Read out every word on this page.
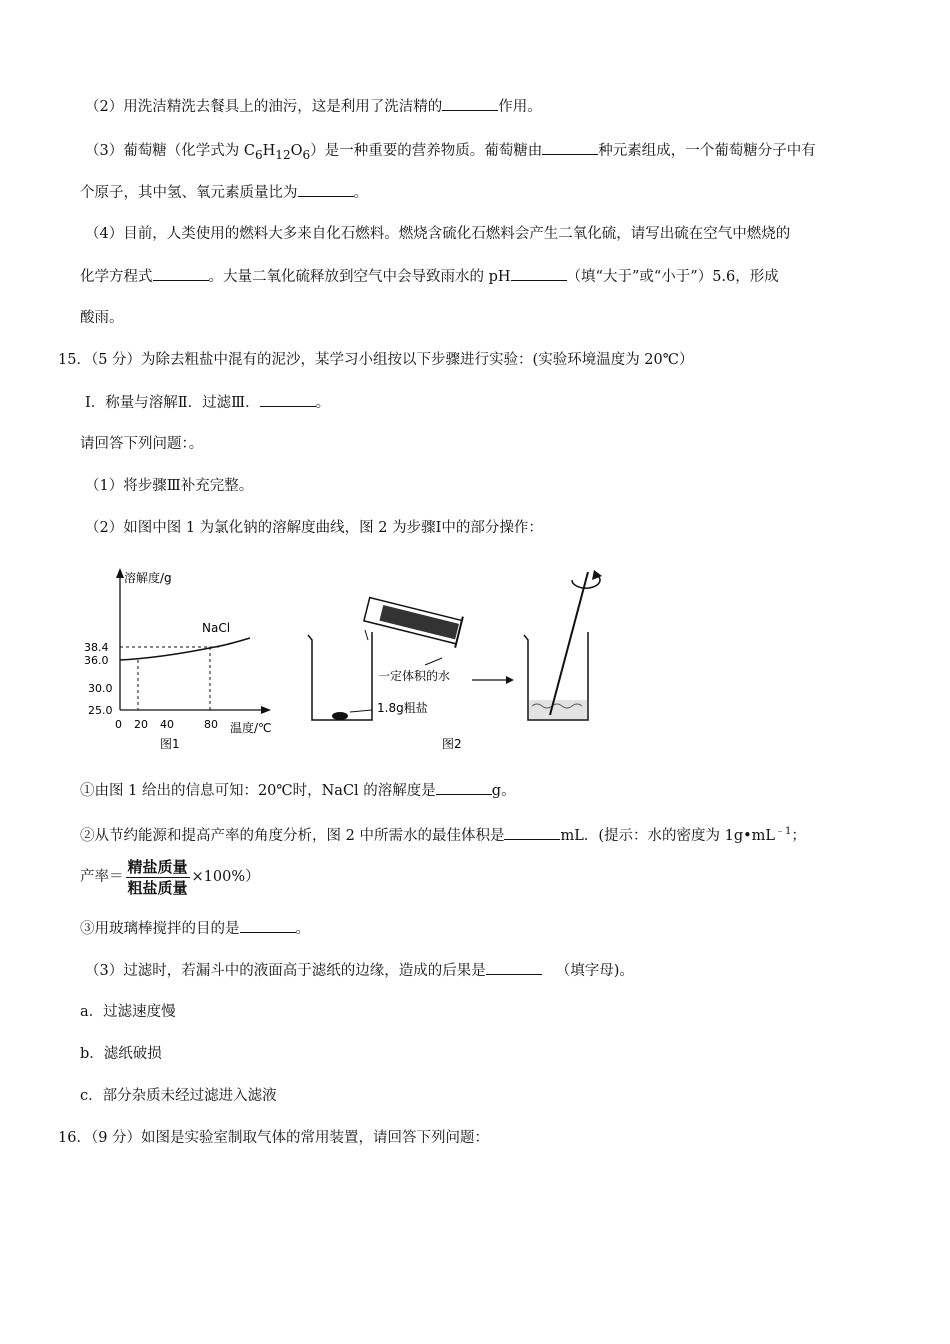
（2）用洗洁精洗去餐具上的油污，这是利用了洗洁精的	作用。
（3）葡萄糖（化学式为 $C_6H_{12}O_6$）是一种重要的营养物质。葡萄糖由	种元素组成，一个葡萄糖分子中有
个原子，其中氢、氧元素质量比为	。
（4）目前，人类使用的燃料大多来自化石燃料。燃烧含硫化石燃料会产生二氧化硫，请写出硫在空气中燃烧的
化学方程式	。大量二氧化硫释放到空气中会导致雨水的 pH	（填“大于”或“小于”）5.6，形成
酸雨。
15．（5 分）为除去粗盐中混有的泥沙，某学习小组按以下步骤进行实验：(实验环境温度为 20℃）
Ⅰ．称量与溶解Ⅱ．过滤Ⅲ．	。
请回答下列问题：。
（1）将步骤Ⅲ补充完整。
（2）如图中图 1 为氯化钠的溶解度曲线，图 2 为步骤Ⅰ中的部分操作：
溶解度/g
NaCl
38.4
36.0
30.0
25.0
0 20 40	80 温度/℃
图1
一定体积的水
1.8g粗盐
图2
①由图 1 给出的信息可知：20℃时，NaCl 的溶解度是	g。
②从节约能源和提高产率的角度分析，图 2 中所需水的最佳体积是	mL．(提示：水的密度为 $1g•mL^{﹣1}$；
产率＝ $\frac{\text{精盐质量}}{\text{粗盐质量}} \times 100\%$）
③用玻璃棒搅拌的目的是	。
（3）过滤时，若漏斗中的液面高于滤纸的边缘，造成的后果是	（填字母)。
a．过滤速度慢
b．滤纸破损
c．部分杂质未经过滤进入滤液
16．（9 分）如图是实验室制取气体的常用装置，请回答下列问题：
